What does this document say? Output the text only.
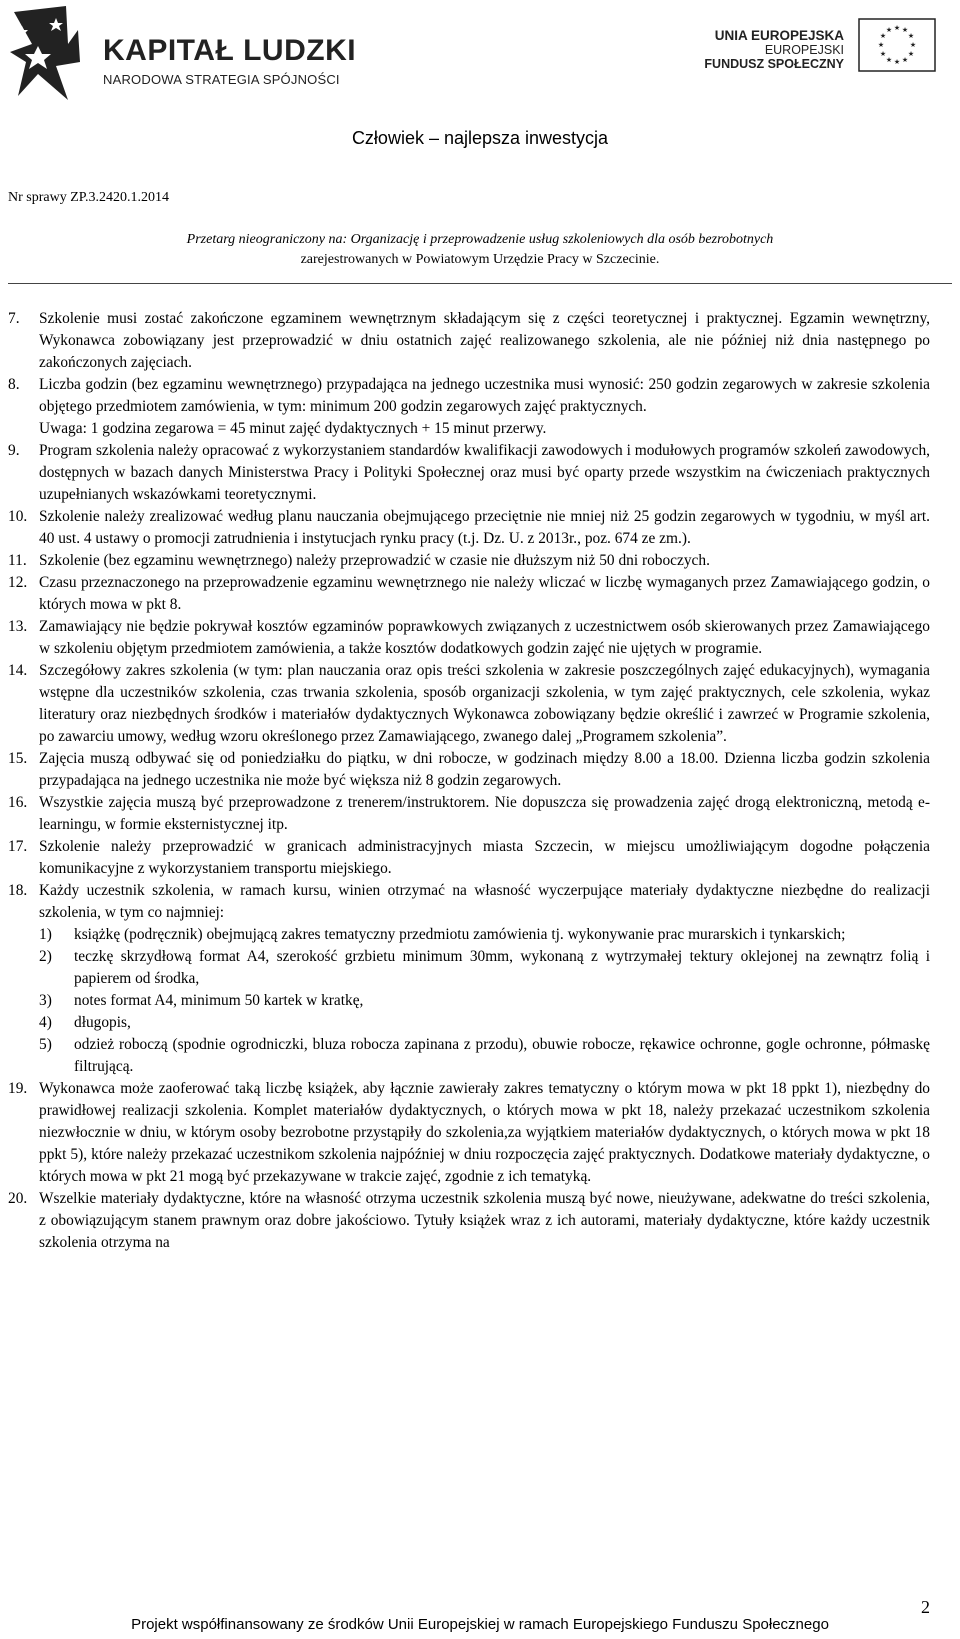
KAPITAŁ LUDZKI
NARODOWA STRATEGIA SPÓJNOŚCI
UNIA EUROPEJSKA
EUROPEJSKI
FUNDUSZ SPOŁECZNY
★ ★
★
★
★
★
★
★
★
★
★
★
Człowiek – najlepsza inwestycja
Nr sprawy ZP.3.2420.1.2014
Przetarg nieograniczony na: Organizację i przeprowadzenie usług szkoleniowych dla osób bezrobotnych
zarejestrowanych w Powiatowym Urzędzie Pracy w Szczecinie.
7. Szkolenie musi zostać zakończone egzaminem wewnętrznym składającym się z części teoretycznej i praktycznej. Egzamin wewnętrzny, Wykonawca zobowiązany jest przeprowadzić w dniu ostatnich zajęć realizowanego szkolenia, ale nie później niż dnia następnego po zakończonych zajęciach.
8. Liczba godzin (bez egzaminu wewnętrznego) przypadająca na jednego uczestnika musi wynosić: 250 godzin zegarowych w zakresie szkolenia objętego przedmiotem zamówienia, w tym: minimum 200 godzin zegarowych zajęć praktycznych.
Uwaga: 1 godzina zegarowa = 45 minut zajęć dydaktycznych + 15 minut przerwy.
9. Program szkolenia należy opracować z wykorzystaniem standardów kwalifikacji zawodowych i modułowych programów szkoleń zawodowych, dostępnych w bazach danych Ministerstwa Pracy i Polityki Społecznej oraz musi być oparty przede wszystkim na ćwiczeniach praktycznych uzupełnianych wskazówkami teoretycznymi.
10. Szkolenie należy zrealizować według planu nauczania obejmującego przeciętnie nie mniej niż 25 godzin zegarowych w tygodniu, w myśl art. 40 ust. 4 ustawy o promocji zatrudnienia i instytucjach rynku pracy (t.j. Dz. U. z 2013r., poz. 674 ze zm.).
11. Szkolenie (bez egzaminu wewnętrznego) należy przeprowadzić w czasie nie dłuższym niż 50 dni roboczych.
12. Czasu przeznaczonego na przeprowadzenie egzaminu wewnętrznego nie należy wliczać w liczbę wymaganych przez Zamawiającego godzin, o których mowa w pkt 8.
13. Zamawiający nie będzie pokrywał kosztów egzaminów poprawkowych związanych z uczestnictwem osób skierowanych przez Zamawiającego w szkoleniu objętym przedmiotem zamówienia, a także kosztów dodatkowych godzin zajęć nie ujętych w programie.
14. Szczegółowy zakres szkolenia (w tym: plan nauczania oraz opis treści szkolenia w zakresie poszczególnych zajęć edukacyjnych), wymagania wstępne dla uczestników szkolenia, czas trwania szkolenia, sposób organizacji szkolenia, w tym zajęć praktycznych, cele szkolenia, wykaz literatury oraz niezbędnych środków i materiałów dydaktycznych Wykonawca zobowiązany będzie określić i zawrzeć w Programie szkolenia, po zawarciu umowy, według wzoru określonego przez Zamawiającego, zwanego dalej „Programem szkolenia”.
15. Zajęcia muszą odbywać się od poniedziałku do piątku, w dni robocze, w godzinach między 8.00 a 18.00. Dzienna liczba godzin szkolenia przypadająca na jednego uczestnika nie może być większa niż 8 godzin zegarowych.
16. Wszystkie zajęcia muszą być przeprowadzone z trenerem/instruktorem. Nie dopuszcza się prowadzenia zajęć drogą elektroniczną, metodą e-learningu, w formie eksternistycznej itp.
17. Szkolenie należy przeprowadzić w granicach administracyjnych miasta Szczecin, w miejscu umożliwiającym dogodne połączenia komunikacyjne z wykorzystaniem transportu miejskiego.
18. Każdy uczestnik szkolenia, w ramach kursu, winien otrzymać na własność wyczerpujące materiały dydaktyczne niezbędne do realizacji szkolenia, w tym co najmniej:
1) książkę (podręcznik) obejmującą zakres tematyczny przedmiotu zamówienia tj. wykonywanie prac murarskich i tynkarskich;
2) teczkę skrzydłową format A4, szerokość grzbietu minimum 30mm, wykonaną z wytrzymałej tektury oklejonej na zewnątrz folią i papierem od środka,
3) notes format A4, minimum 50 kartek w kratkę,
4) długopis,
5) odzież roboczą (spodnie ogrodniczki, bluza robocza zapinana z przodu), obuwie robocze, rękawice ochronne, gogle ochronne, półmaskę filtrującą.
19. Wykonawca może zaoferować taką liczbę książek, aby łącznie zawierały zakres tematyczny o którym mowa w pkt 18 ppkt 1), niezbędny do prawidłowej realizacji szkolenia. Komplet materiałów dydaktycznych, o których mowa w pkt 18, należy przekazać uczestnikom szkolenia niezwłocznie w dniu, w którym osoby bezrobotne przystąpiły do szkolenia,za wyjątkiem materiałów dydaktycznych, o których mowa w pkt 18 ppkt 5), które należy przekazać uczestnikom szkolenia najpóźniej w dniu rozpoczęcia zajęć praktycznych. Dodatkowe materiały dydaktyczne, o których mowa w pkt 21 mogą być przekazywane w trakcie zajęć, zgodnie z ich tematyką.
20. Wszelkie materiały dydaktyczne, które na własność otrzyma uczestnik szkolenia muszą być nowe, nieużywane, adekwatne do treści szkolenia, z obowiązującym stanem prawnym oraz dobre jakościowo. Tytuły książek wraz z ich autorami, materiały dydaktyczne, które każdy uczestnik szkolenia otrzyma na
2
Projekt współfinansowany ze środków Unii Europejskiej w ramach Europejskiego Funduszu Społecznego
